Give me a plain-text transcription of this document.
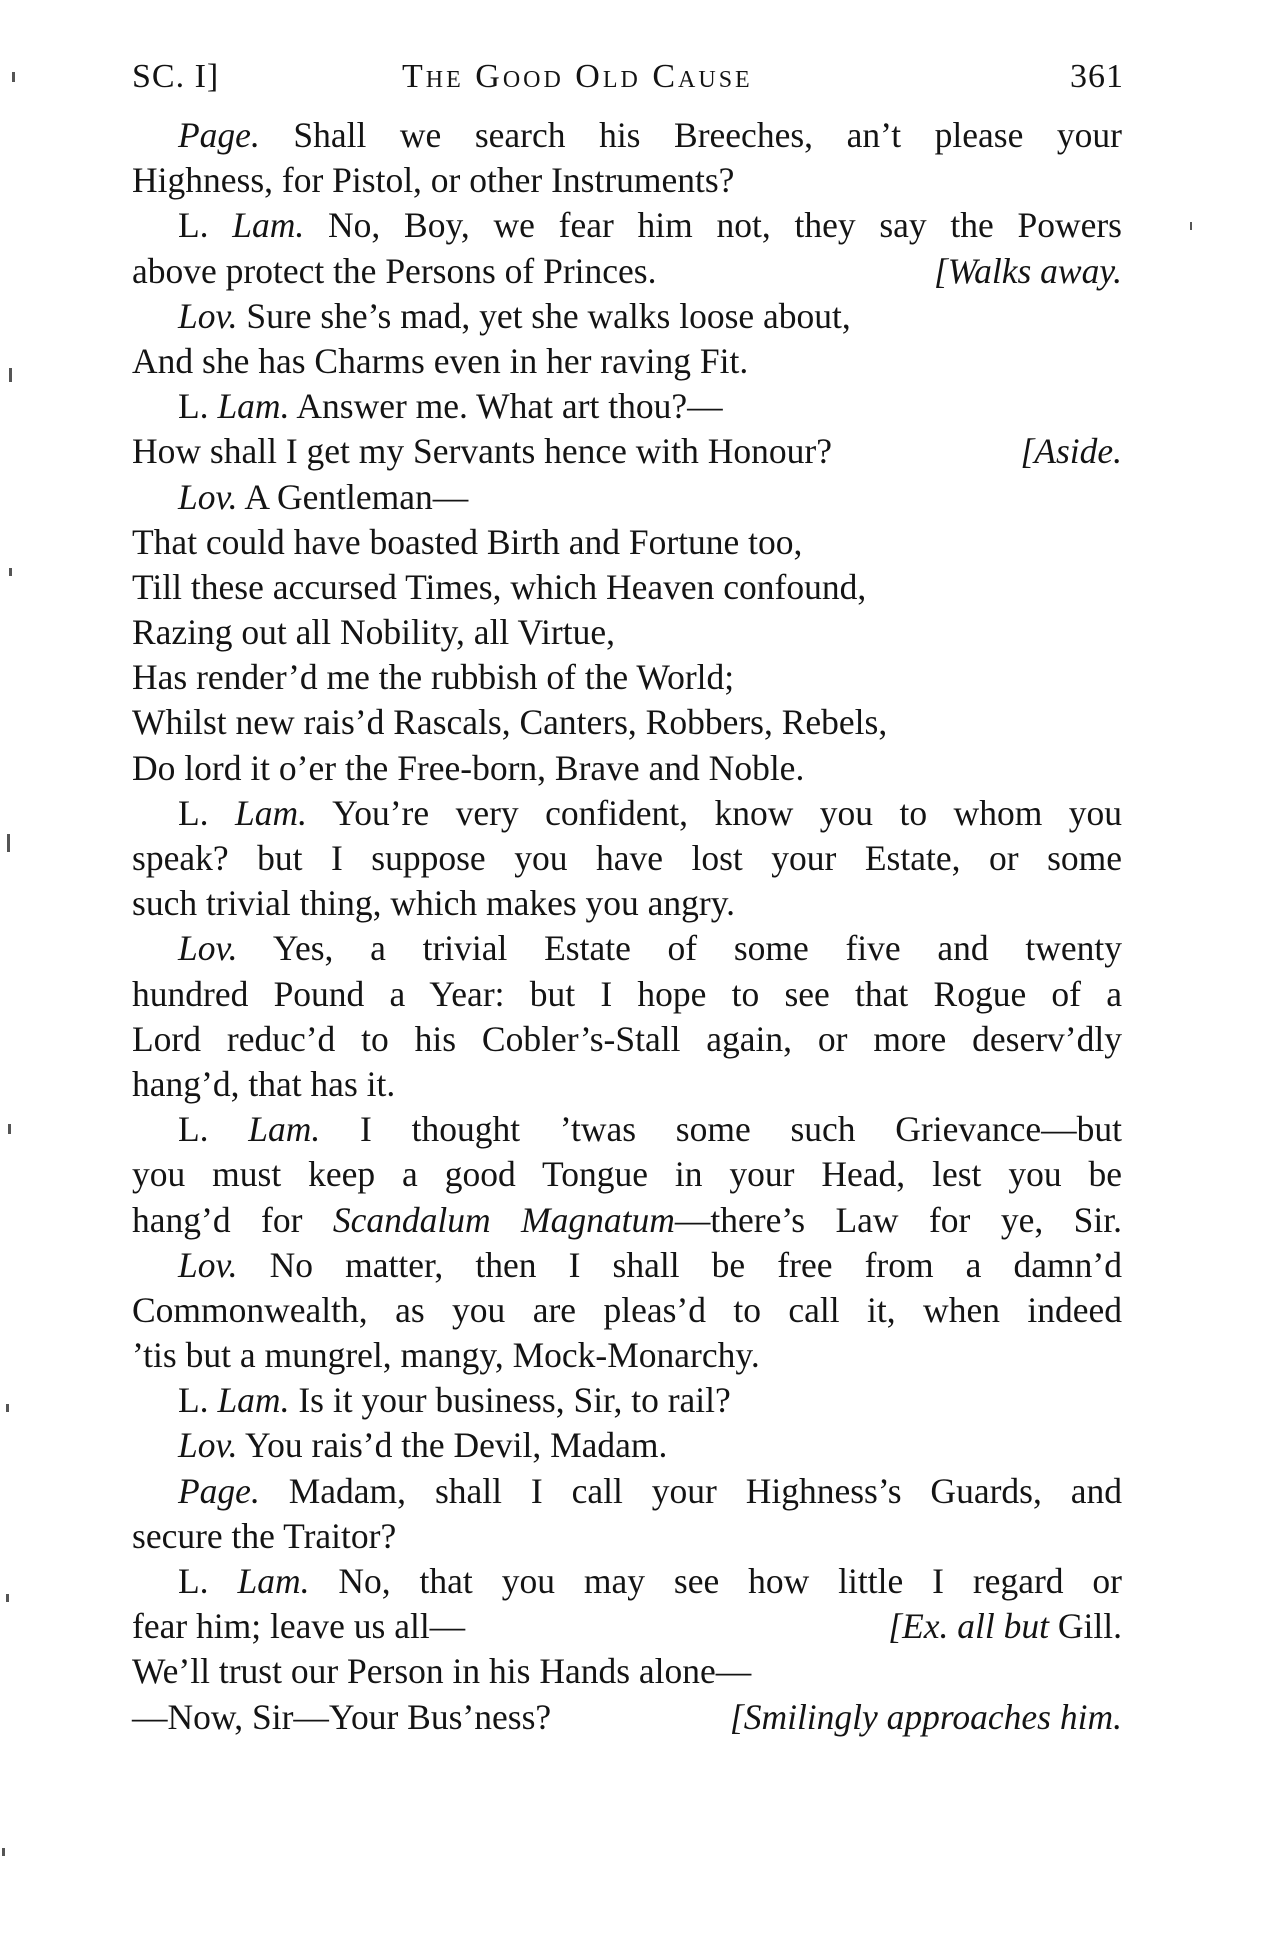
SC. I]	The Good Old Cause	361
Page. Shall we search his Breeches, an’t please your
Highness, for Pistol, or other Instruments?
L. Lam. No, Boy, we fear him not, they say the Powers
above protect the Persons of Princes.	[Walks away.
Lov. Sure she’s mad, yet she walks loose about,
And she has Charms even in her raving Fit.
L. Lam. Answer me. What art thou?—
How shall I get my Servants hence with Honour?	[Aside.
Lov. A Gentleman—
That could have boasted Birth and Fortune too,
Till these accursed Times, which Heaven confound,
Razing out all Nobility, all Virtue,
Has render’d me the rubbish of the World;
Whilst new rais’d Rascals, Canters, Robbers, Rebels,
Do lord it o’er the Free-born, Brave and Noble.
L. Lam. You’re very confident, know you to whom you
speak? but I suppose you have lost your Estate, or some
such trivial thing, which makes you angry.
Lov. Yes, a trivial Estate of some five and twenty
hundred Pound a Year: but I hope to see that Rogue of a
Lord reduc’d to his Cobler’s-Stall again, or more deserv’dly
hang’d, that has it.
L. Lam. I thought ’twas some such Grievance—but
you must keep a good Tongue in your Head, lest you be
hang’d for Scandalum Magnatum—there’s Law for ye, Sir.
Lov. No matter, then I shall be free from a damn’d
Commonwealth, as you are pleas’d to call it, when indeed
’tis but a mungrel, mangy, Mock-Monarchy.
L. Lam. Is it your business, Sir, to rail?
Lov. You rais’d the Devil, Madam.
Page. Madam, shall I call your Highness’s Guards, and
secure the Traitor?
L. Lam. No, that you may see how little I regard or
fear him; leave us all—	[Ex. all but Gill.
We’ll trust our Person in his Hands alone—
—Now, Sir—Your Bus’ness?	[Smilingly approaches him.
